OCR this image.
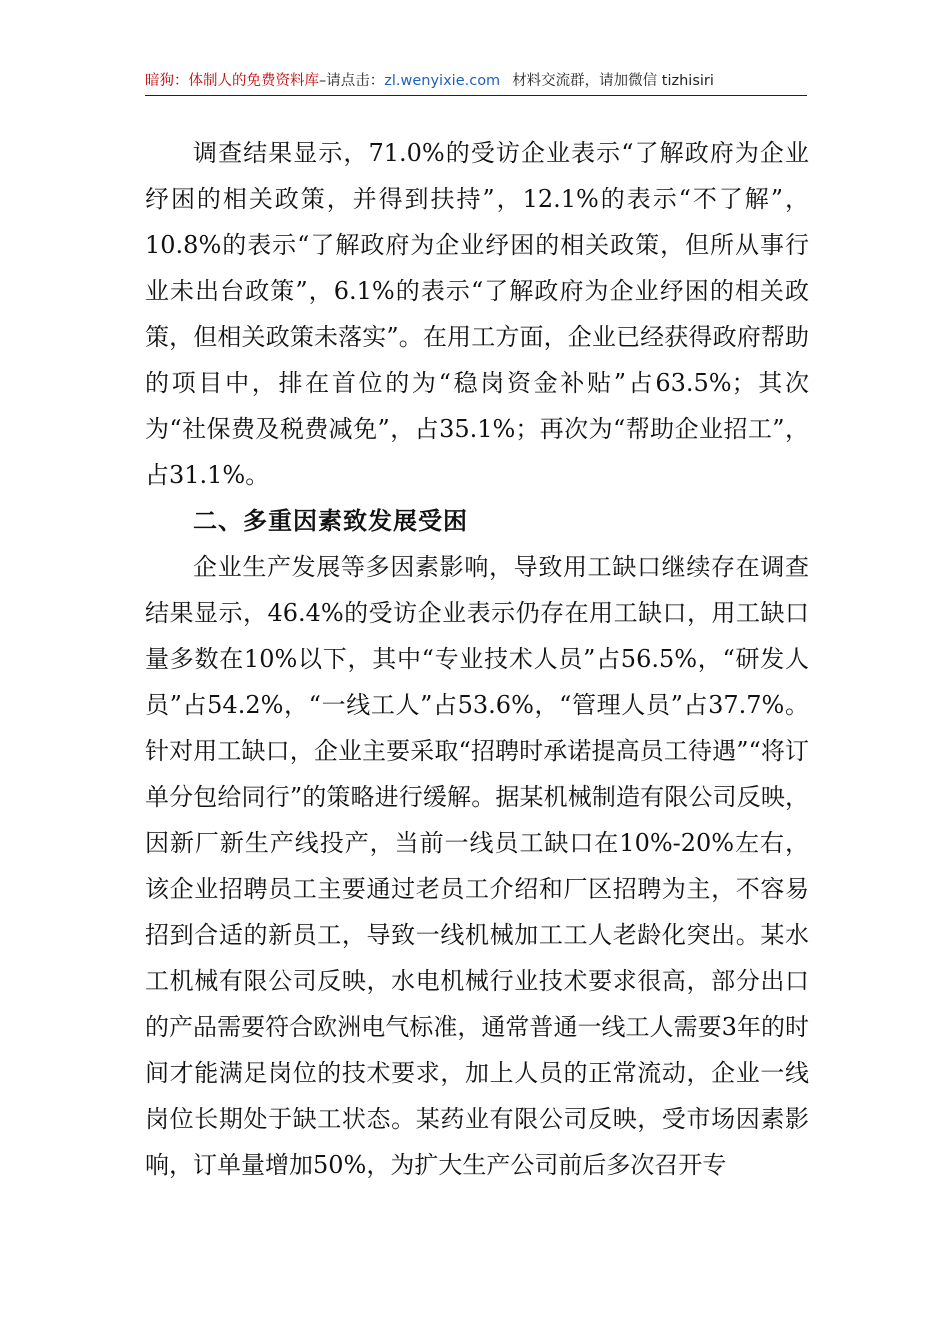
暗狗：体制人的免费资料库–请点击：zl.wenyixie.com 材料交流群，请加微信 tizhisiri

调查结果显示，71.0%的受访企业表示“了解政府为企业纾困的相关政策，并得到扶持”，12.1%的表示“不了解”，10.8%的表示“了解政府为企业纾困的相关政策，但所从事行业未出台政策”，6.1%的表示“了解政府为企业纾困的相关政策，但相关政策未落实”。在用工方面，企业已经获得政府帮助的项目中，排在首位的为“稳岗资金补贴”占63.5%；其次为“社保费及税费减免”，占35.1%；再次为“帮助企业招工”，占31.1%。

二、多重因素致发展受困

企业生产发展等多因素影响，导致用工缺口继续存在调查结果显示，46.4%的受访企业表示仍存在用工缺口，用工缺口量多数在10%以下，其中“专业技术人员”占56.5%，“研发人员”占54.2%，“一线工人”占53.6%，“管理人员”占37.7%。针对用工缺口，企业主要采取“招聘时承诺提高员工待遇”“将订单分包给同行”的策略进行缓解。据某机械制造有限公司反映，因新厂新生产线投产，当前一线员工缺口在10%-20%左右，该企业招聘员工主要通过老员工介绍和厂区招聘为主，不容易招到合适的新员工，导致一线机械加工工人老龄化突出。某水工机械有限公司反映，水电机械行业技术要求很高，部分出口的产品需要符合欧洲电气标准，通常普通一线工人需要3年的时间才能满足岗位的技术要求，加上人员的正常流动，企业一线岗位长期处于缺工状态。某药业有限公司反映，受市场因素影响，订单量增加50%，为扩大生产公司前后多次召开专
